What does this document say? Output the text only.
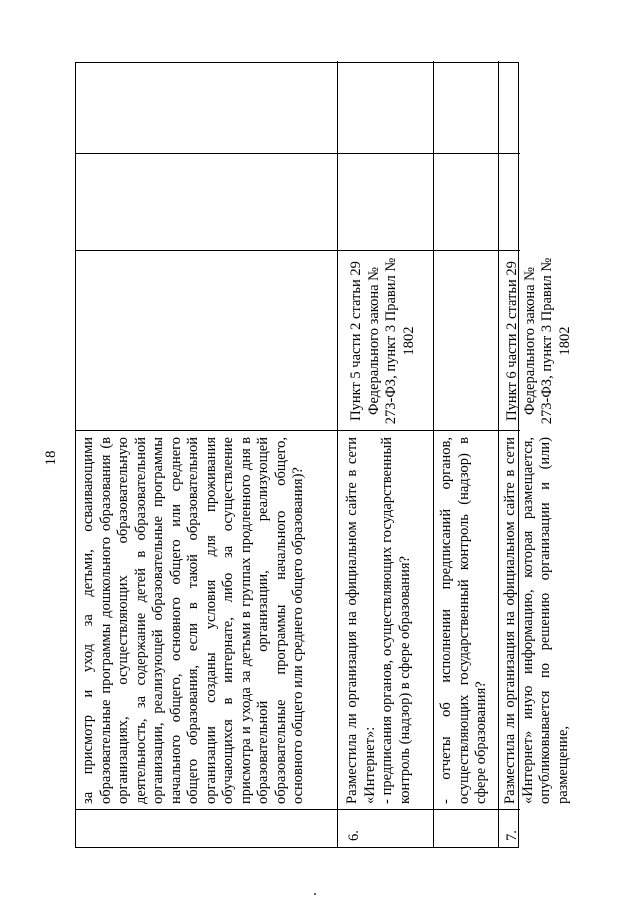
18 за присмотр и уход за детьми, осваивающими образовательные программы дошкольного образования (в организациях, осуществляющих образовательную деятельность, за содержание детей в образовательной организации, реализующей образовательные программы начального общего, основного общего или среднего общего образования, если в такой образовательной организации созданы условия для проживания обучающихся в интернате, либо за осуществление присмотра и ухода за детьми в группах продленного дня в образовательной организации, реализующей образовательные программы начального общего, основного общего или среднего общего образования)?

6.

Разместила ли организация на официальном сайте в сети «Интернет»: - предписания органов, осуществляющих государственный контроль (надзор) в сфере образования?

Пункт 5 части 2 статьи 29 Федерального закона № 273-ФЗ, пункт 3 Правил № 1802

- отчеты об исполнении предписаний органов, осуществляющих государственный контроль (надзор) в сфере образования?

7.

Разместила ли организация на официальном сайте в сети «Интернет» иную информацию, которая размещается, опубликовывается по решению организации и (или) размещение,

Пункт 6 части 2 статьи 29 Федерального закона № 273-ФЗ, пункт 3 Правил № 1802
